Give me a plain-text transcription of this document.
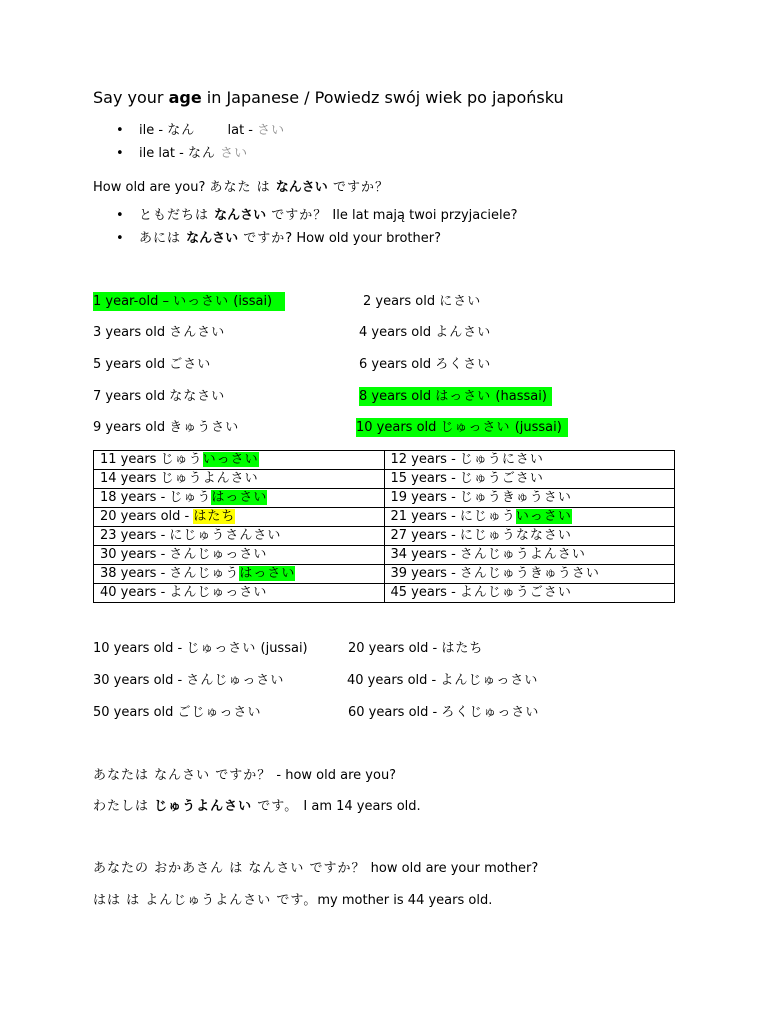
Say your age in Japanese / Powiedz swój wiek po japońsku
• ile - なん lat - さい
• ile lat - なん さい
How old are you? あなた は なんさい ですか？
• ともだちは なんさい ですか？ Ile lat mają twoi przyjaciele?
• あには なんさい ですか? How old your brother?
1 year-old – いっさい (issai)	2 years old にさい
3 years old さんさい	4 years old よんさい
5 years old ごさい	6 years old ろくさい
7 years old ななさい	8 years old はっさい (hassai)
9 years old きゅうさい	10 years old じゅっさい (jussai)
11 years じゅういっさい	12 years - じゅうにさい
14 years じゅうよんさい	15 years - じゅうごさい
18 years - じゅうはっさい	19 years - じゅうきゅうさい
20 years old - はたち	21 years - にじゅういっさい
23 years - にじゅうさんさい	27 years - にじゅうななさい
30 years - さんじゅっさい	34 years - さんじゅうよんさい
38 years - さんじゅうはっさい	39 years - さんじゅうきゅうさい
40 years - よんじゅっさい	45 years - よんじゅうごさい
10 years old - じゅっさい (jussai)	20 years old - はたち
30 years old - さんじゅっさい	40 years old - よんじゅっさい
50 years old ごじゅっさい	60 years old - ろくじゅっさい
あなたは なんさい ですか？ - how old are you?
わたしは じゅうよんさい です。 I am 14 years old.
あなたの おかあさん は なんさい ですか？ how old are your mother?
はは は よんじゅうよんさい です。my mother is 44 years old.
